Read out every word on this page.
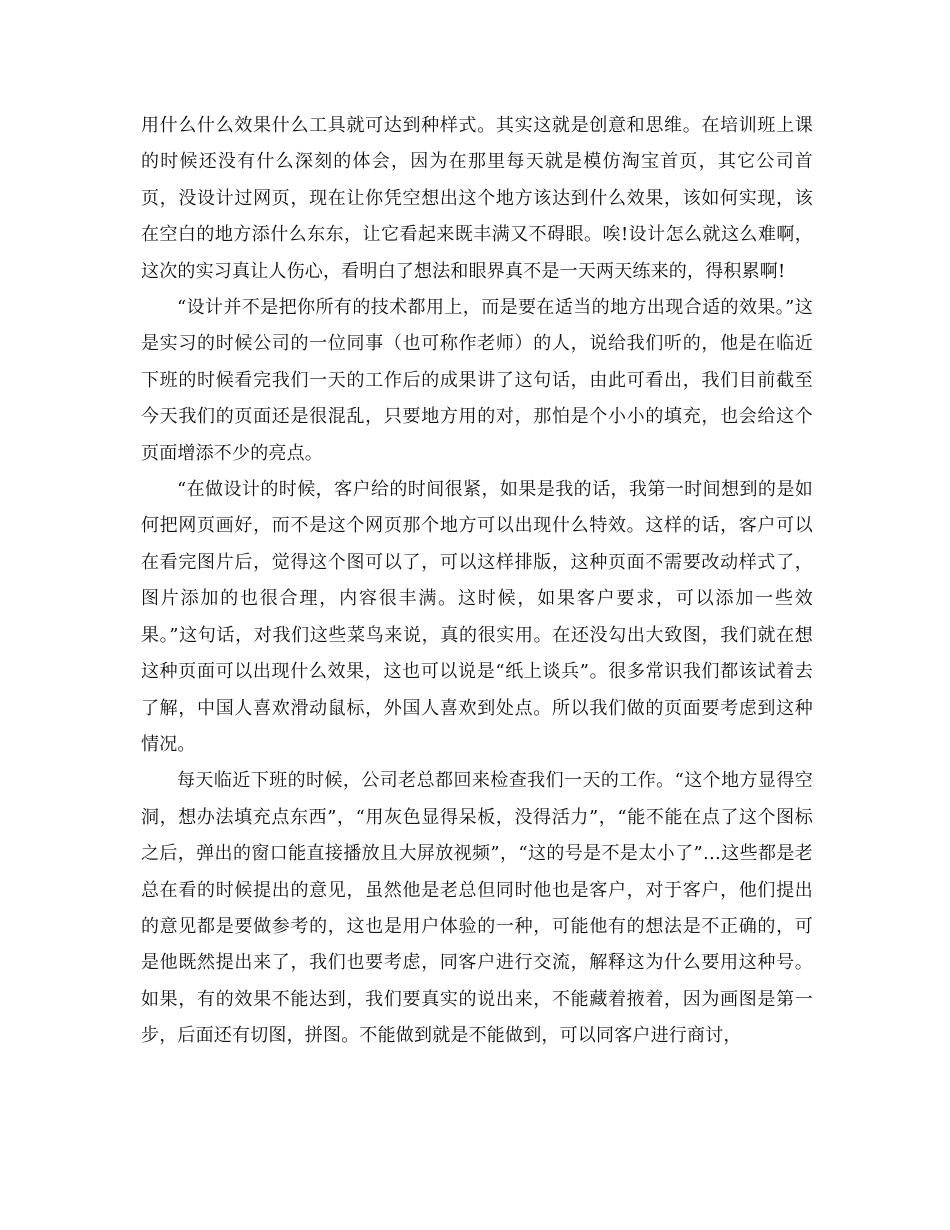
用什么什么效果什么工具就可达到种样式。其实这就是创意和思维。在培训班上课的时候还没有什么深刻的体会，因为在那里每天就是模仿淘宝首页，其它公司首页，没设计过网页，现在让你凭空想出这个地方该达到什么效果，该如何实现，该在空白的地方添什么东东，让它看起来既丰满又不碍眼。唉!设计怎么就这么难啊，这次的实习真让人伤心，看明白了想法和眼界真不是一天两天练来的，得积累啊!

“设计并不是把你所有的技术都用上，而是要在适当的地方出现合适的效果。”这是实习的时候公司的一位同事（也可称作老师）的人，说给我们听的，他是在临近下班的时候看完我们一天的工作后的成果讲了这句话，由此可看出，我们目前截至今天我们的页面还是很混乱，只要地方用的对，那怕是个小小的填充，也会给这个页面增添不少的亮点。

“在做设计的时候，客户给的时间很紧，如果是我的话，我第一时间想到的是如何把网页画好，而不是这个网页那个地方可以出现什么特效。这样的话，客户可以在看完图片后，觉得这个图可以了，可以这样排版，这种页面不需要改动样式了，图片添加的也很合理，内容很丰满。这时候，如果客户要求，可以添加一些效果。”这句话，对我们这些菜鸟来说，真的很实用。在还没勾出大致图，我们就在想这种页面可以出现什么效果，这也可以说是“纸上谈兵”。很多常识我们都该试着去了解，中国人喜欢滑动鼠标，外国人喜欢到处点。所以我们做的页面要考虑到这种情况。

每天临近下班的时候，公司老总都回来检查我们一天的工作。“这个地方显得空洞，想办法填充点东西”，“用灰色显得呆板，没得活力”，“能不能在点了这个图标之后，弹出的窗口能直接播放且大屏放视频”，“这的号是不是太小了”…这些都是老总在看的时候提出的意见，虽然他是老总但同时他也是客户，对于客户，他们提出的意见都是要做参考的，这也是用户体验的一种，可能他有的想法是不正确的，可是他既然提出来了，我们也要考虑，同客户进行交流，解释这为什么要用这种号。如果，有的效果不能达到，我们要真实的说出来，不能藏着掖着，因为画图是第一步，后面还有切图，拼图。不能做到就是不能做到，可以同客户进行商讨，
